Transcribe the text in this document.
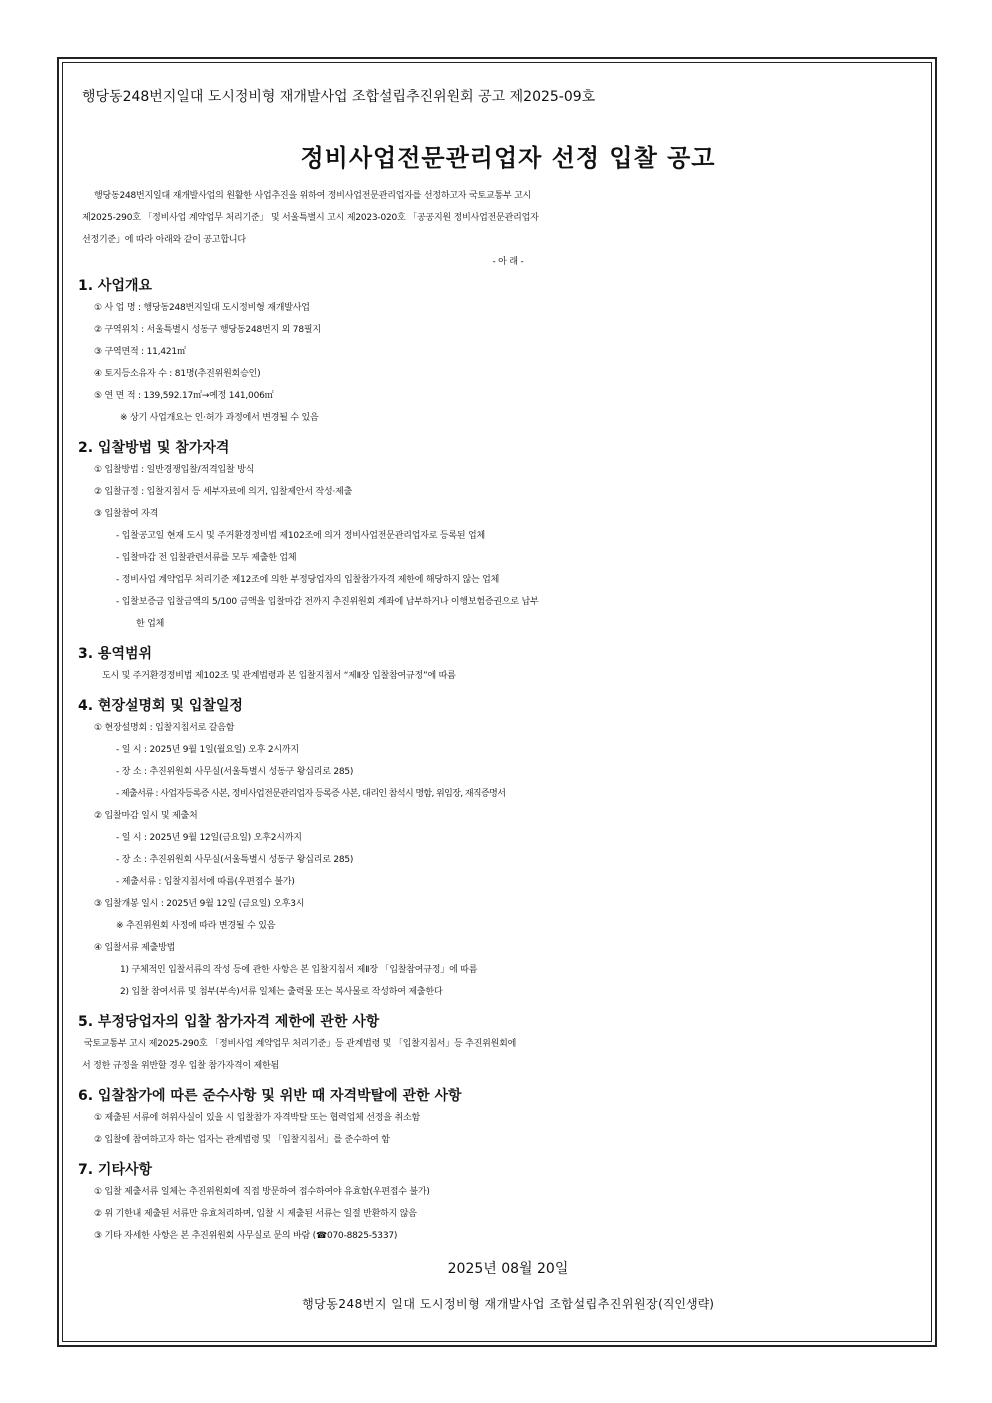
행당동248번지일대 도시정비형 재개발사업 조합설립추진위원회 공고 제2025-09호
정비사업전문관리업자 선정 입찰 공고
행당동248번지일대 재개발사업의 원활한 사업추진을 위하여 정비사업전문관리업자를 선정하고자 국토교통부 고시
제2025-290호 「정비사업 계약업무 처리기준」 및 서울특별시 고시 제2023-020호 「공공지원 정비사업전문관리업자
선정기준」에 따라 아래와 같이 공고합니다
- 아 래 -
1. 사업개요
① 사 업 명 : 행당동248번지일대 도시정비형 재개발사업
② 구역위치 : 서울특별시 성동구 행당동248번지 외 78필지
③ 구역면적 : 11,421㎡
④ 토지등소유자 수 : 81명(추진위원회승인)
⑤ 연 면 적 : 139,592.17㎡→예정 141,006㎡
※ 상기 사업개요는 인·허가 과정에서 변경될 수 있음
2. 입찰방법 및 참가자격
① 입찰방법 : 일반경쟁입찰/적격입찰 방식
② 입찰규정 : 입찰지침서 등 세부자료에 의거, 입찰제안서 작성·제출
③ 입찰참여 자격
- 입찰공고일 현재 도시 및 주거환경정비법 제102조에 의거 정비사업전문관리업자로 등록된 업체
- 입찰마감 전 입찰관련서류를 모두 제출한 업체
- 정비사업 계약업무 처리기준 제12조에 의한 부정당업자의 입찰참가자격 제한에 해당하지 않는 업체
- 입찰보증금 입찰금액의 5/100 금액을 입찰마감 전까지 추진위원회 계좌에 납부하거나 이행보험증권으로 납부
한 업체
3. 용역범위
도시 및 주거환경정비법 제102조 및 관계법령과 본 입찰지침서 “제Ⅱ장 입찰참여규정”에 따름
4. 현장설명회 및 입찰일정
① 현장설명회 : 입찰지침서로 갈음함
- 일 시 : 2025년 9월 1일(월요일) 오후 2시까지
- 장 소 : 추진위원회 사무실(서울특별시 성동구 왕십리로 285)
- 제출서류 : 사업자등록증 사본, 정비사업전문관리업자 등록증 사본, 대리인 참석시 명함, 위임장, 재직증명서
② 입찰마감 일시 및 제출처
- 일 시 : 2025년 9월 12일(금요일) 오후2시까지
- 장 소 : 추진위원회 사무실(서울특별시 성동구 왕십리로 285)
- 제출서류 : 입찰지침서에 따름(우편접수 불가)
③ 입찰개봉 일시 : 2025년 9월 12일 (금요일) 오후3시
※ 추진위원회 사정에 따라 변경될 수 있음
④ 입찰서류 제출방법
1) 구체적인 입찰서류의 작성 등에 관한 사항은 본 입찰지침서 제Ⅱ장 「입찰참여규정」에 따름
2) 입찰 참여서류 및 첨부(부속)서류 일체는 출력물 또는 복사물로 작성하여 제출한다
5. 부정당업자의 입찰 참가자격 제한에 관한 사항
국토교통부 고시 제2025-290호 「정비사업 계약업무 처리기준」등 관계법령 및 「입찰지침서」등 추진위원회에
서 정한 규정을 위반할 경우 입찰 참가자격이 제한됨
6. 입찰참가에 따른 준수사항 및 위반 때 자격박탈에 관한 사항
① 제출된 서류에 허위사실이 있을 시 입찰참가 자격박탈 또는 협력업체 선정을 취소함
② 입찰에 참여하고자 하는 업자는 관계법령 및 「입찰지침서」를 준수하여 함
7. 기타사항
① 입찰 제출서류 일체는 추진위원회에 직접 방문하여 접수하여야 유효함(우편접수 불가)
② 위 기한내 제출된 서류만 유효처리하며, 입찰 시 제출된 서류는 일절 반환하지 않음
③ 기타 자세한 사항은 본 추진위원회 사무실로 문의 바람 (☎070-8825-5337)
2025년 08월 20일
행당동248번지 일대 도시정비형 재개발사업 조합설립추진위원장(직인생략)
